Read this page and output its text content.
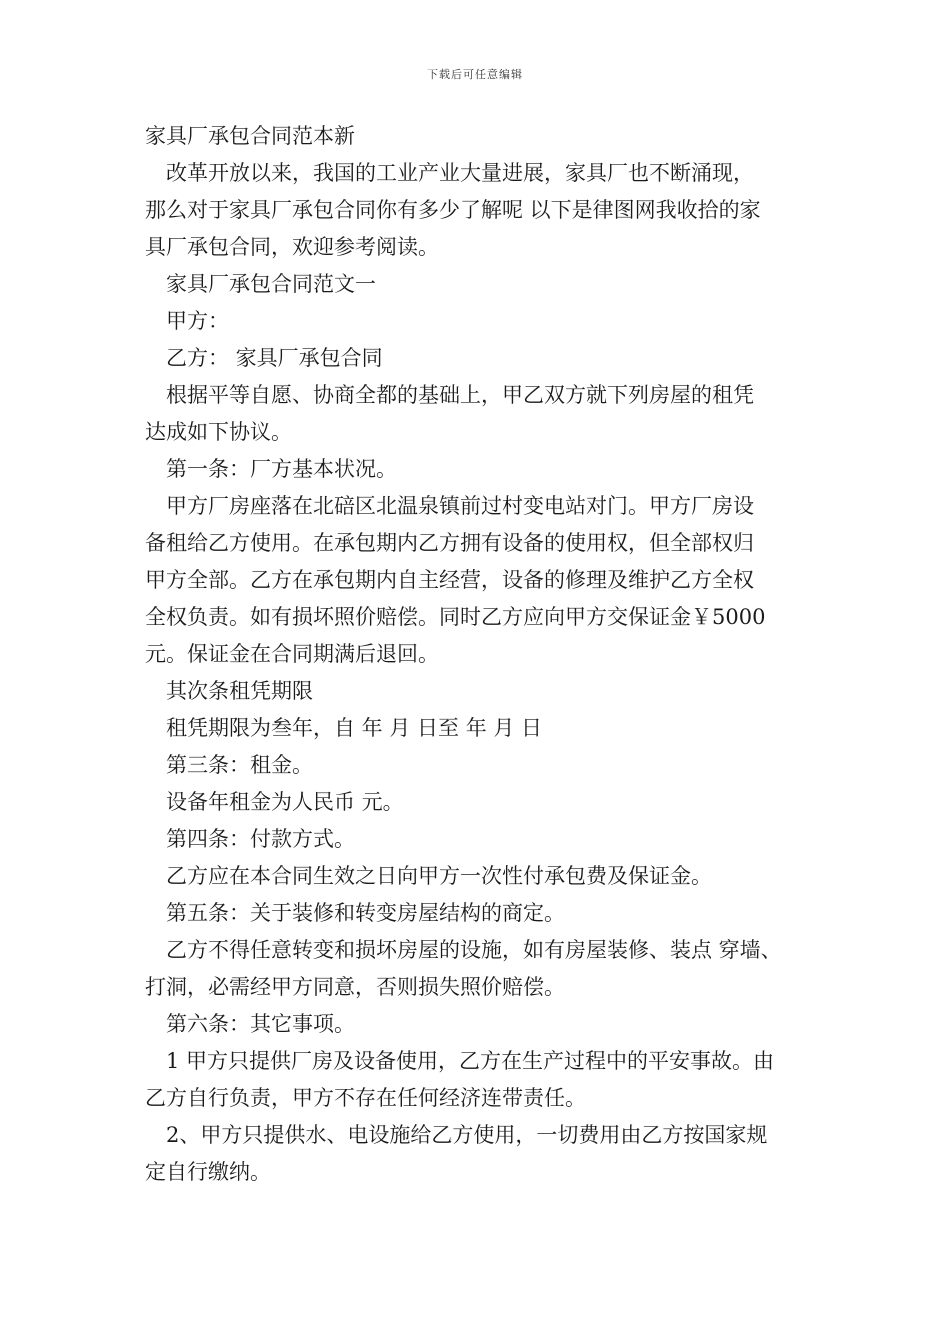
下载后可任意编辑
家具厂承包合同范本新
改革开放以来，我国的工业产业大量进展，家具厂也不断涌现，
那么对于家具厂承包合同你有多少了解呢 以下是律图网我收拾的家
具厂承包合同，欢迎参考阅读。
家具厂承包合同范文一
甲方：
乙方： 家具厂承包合同
根据平等自愿、协商全都的基础上，甲乙双方就下列房屋的租凭
达成如下协议。
第一条：厂方基本状况。
甲方厂房座落在北碚区北温泉镇前过村变电站对门。甲方厂房设
备租给乙方使用。在承包期内乙方拥有设备的使用权，但全部权归
甲方全部。乙方在承包期内自主经营，设备的修理及维护乙方全权
全权负责。如有损坏照价赔偿。同时乙方应向甲方交保证金￥5000
元。保证金在合同期满后退回。
其次条租凭期限
租凭期限为叁年，自 年 月 日至 年 月 日
第三条：租金。
设备年租金为人民币 元。
第四条：付款方式。
乙方应在本合同生效之日向甲方一次性付承包费及保证金。
第五条：关于装修和转变房屋结构的商定。
乙方不得任意转变和损坏房屋的设施，如有房屋装修、装点 穿墙、
打洞，必需经甲方同意，否则损失照价赔偿。
第六条：其它事项。
1 甲方只提供厂房及设备使用，乙方在生产过程中的平安事故。由
乙方自行负责，甲方不存在任何经济连带责任。
2、甲方只提供水、电设施给乙方使用，一切费用由乙方按国家规
定自行缴纳。
